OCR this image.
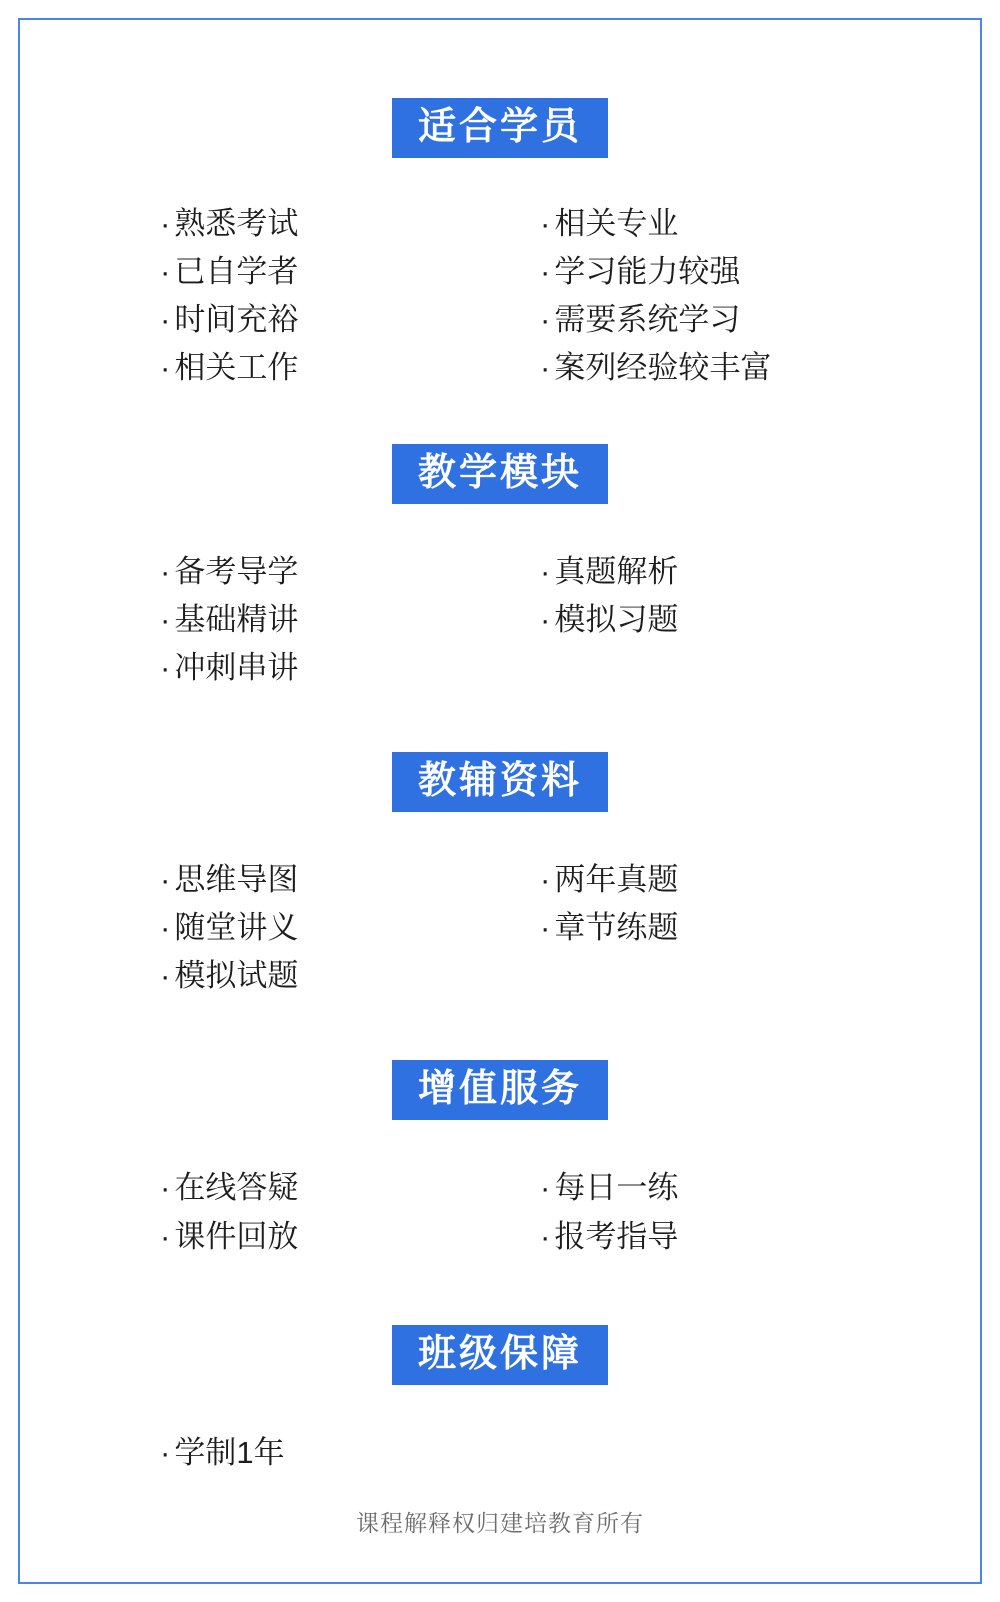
适合学员
· 熟悉考试
· 已自学者
· 时间充裕
· 相关工作
· 相关专业
· 学习能力较强
· 需要系统学习
· 案列经验较丰富
教学模块
· 备考导学
· 基础精讲
· 冲刺串讲
· 真题解析
· 模拟习题
教辅资料
· 思维导图
· 随堂讲义
· 模拟试题
· 两年真题
· 章节练题
增值服务
· 在线答疑
· 课件回放
· 每日一练
· 报考指导
班级保障
· 学制1年
课程解释权归建培教育所有
